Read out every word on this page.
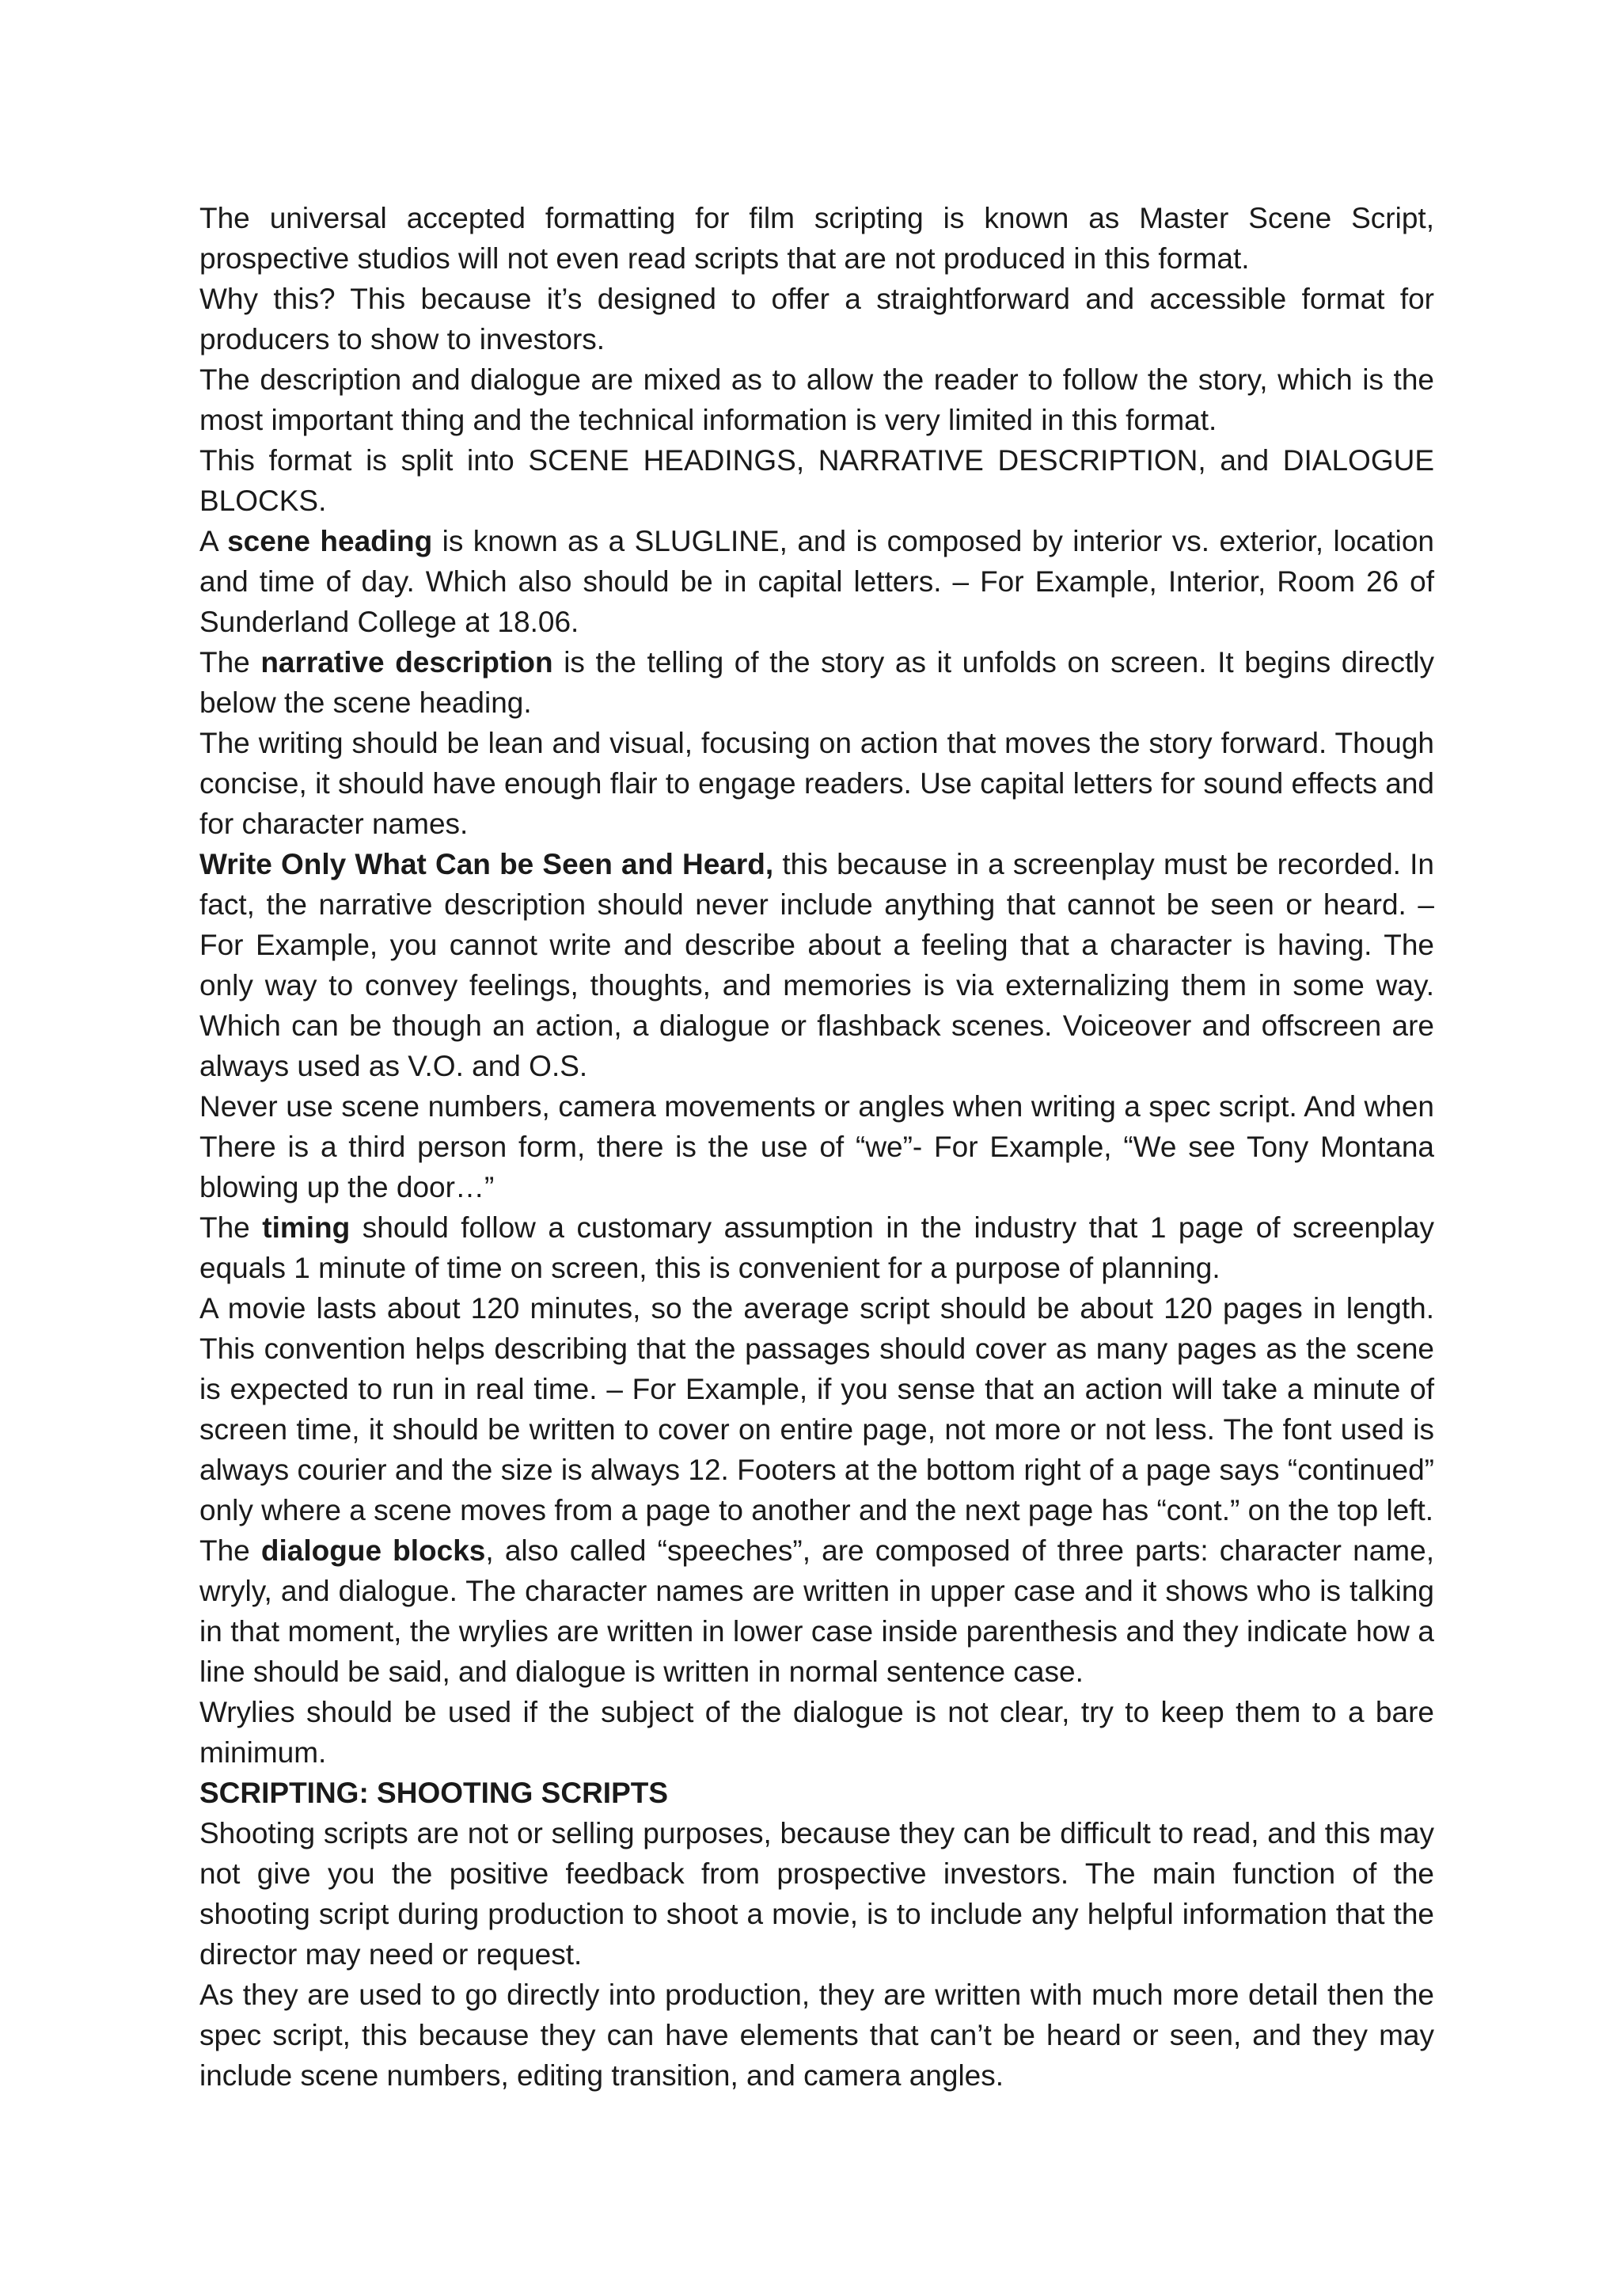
The universal accepted formatting for film scripting is known as Master Scene Script, prospective studios will not even read scripts that are not produced in this format.

Why this? This because it’s designed to offer a straightforward and accessible format for producers to show to investors.

The description and dialogue are mixed as to allow the reader to follow the story, which is the most important thing and the technical information is very limited in this format.

This format is split into SCENE HEADINGS, NARRATIVE DESCRIPTION, and DIALOGUE BLOCKS.

A scene heading is known as a SLUGLINE, and is composed by interior vs. exterior, location and time of day. Which also should be in capital letters. – For Example, Interior, Room 26 of Sunderland College at 18.06.

The narrative description is the telling of the story as it unfolds on screen. It begins directly below the scene heading.

The writing should be lean and visual, focusing on action that moves the story forward. Though concise, it should have enough flair to engage readers. Use capital letters for sound effects and for character names.

Write Only What Can be Seen and Heard, this because in a screenplay must be recorded. In fact, the narrative description should never include anything that cannot be seen or heard. – For Example, you cannot write and describe about a feeling that a character is having. The only way to convey feelings, thoughts, and memories is via externalizing them in some way. Which can be though an action, a dialogue or flashback scenes. Voiceover and offscreen are always used as V.O. and O.S.

Never use scene numbers, camera movements or angles when writing a spec script. And when There is a third person form, there is the use of “we”- For Example, “We see Tony Montana blowing up the door…”

The timing should follow a customary assumption in the industry that 1 page of screenplay equals 1 minute of time on screen, this is convenient for a purpose of planning.

A movie lasts about 120 minutes, so the average script should be about 120 pages in length. This convention helps describing that the passages should cover as many pages as the scene is expected to run in real time. – For Example, if you sense that an action will take a minute of screen time, it should be written to cover on entire page, not more or not less. The font used is always courier and the size is always 12. Footers at the bottom right of a page says “continued” only where a scene moves from a page to another and the next page has “cont.” on the top left.

The dialogue blocks, also called “speeches”, are composed of three parts: character name, wryly, and dialogue. The character names are written in upper case and it shows who is talking in that moment, the wrylies are written in lower case inside parenthesis and they indicate how a line should be said, and dialogue is written in normal sentence case.

Wrylies should be used if the subject of the dialogue is not clear, try to keep them to a bare minimum.

SCRIPTING: SHOOTING SCRIPTS

Shooting scripts are not or selling purposes, because they can be difficult to read, and this may not give you the positive feedback from prospective investors. The main function of the shooting script during production to shoot a movie, is to include any helpful information that the director may need or request.

As they are used to go directly into production, they are written with much more detail then the spec script, this because they can have elements that can’t be heard or seen, and they may include scene numbers, editing transition, and camera angles.
